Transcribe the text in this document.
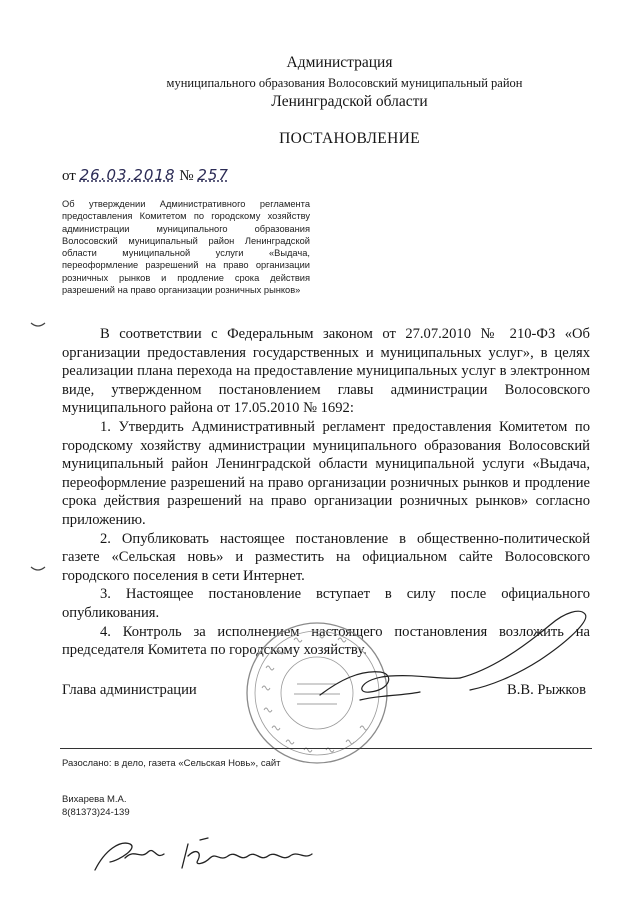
Администрация
муниципального образования Волосовский муниципальный район
Ленинградской области
ПОСТАНОВЛЕНИЕ
от 26.03.2018 № 257
Об утверждении Административного регламента предоставления Комитетом по городскому хозяйству администрации муниципального образования Волосовский муниципальный район Ленинградской области муниципальной услуги «Выдача, переоформление разрешений на право организации розничных рынков и продление срока действия разрешений на право организации розничных рынков»

В соответствии с Федеральным законом от 27.07.2010 № 210-ФЗ «Об организации предоставления государственных и муниципальных услуг», в целях реализации плана перехода на предоставление муниципальных услуг в электронном виде, утвержденном постановлением главы администрации Волосовского муниципального района от 17.05.2010 № 1692:

1. Утвердить Административный регламент предоставления Комитетом по городскому хозяйству администрации муниципального образования Волосовский муниципальный район Ленинградской области муниципальной услуги «Выдача, переоформление разрешений на право организации розничных рынков и продление срока действия разрешений на право организации розничных рынков» согласно приложению.

2. Опубликовать настоящее постановление в общественно-политической газете «Сельская новь» и разместить на официальном сайте Волосовского городского поселения в сети Интернет.

3. Настоящее постановление вступает в силу после официального опубликования.

4. Контроль за исполнением настоящего постановления возложить на председателя Комитета по городскому хозяйству.

Глава администрации	В.В. Рыжков
Разослано: в дело, газета «Сельская Новь», сайт
Вихарева М.А.
8(81373)24-139
